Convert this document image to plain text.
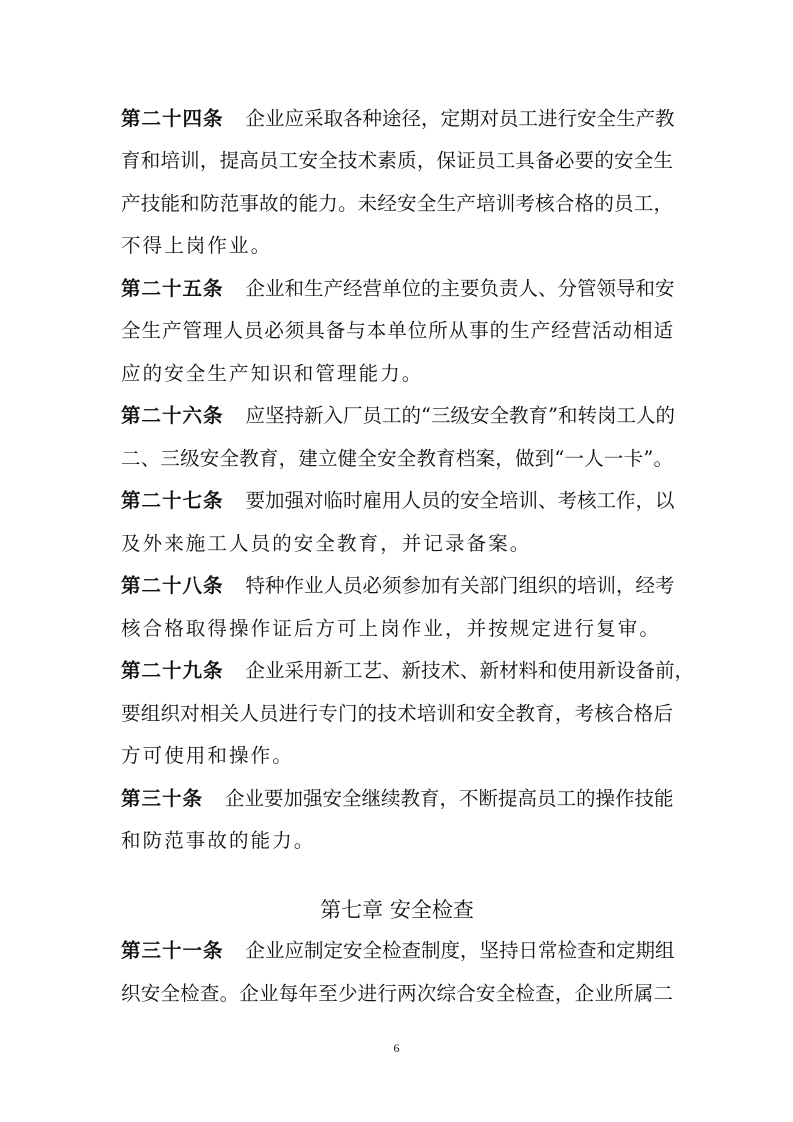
第二十四条 企业应采取各种途径，定期对员工进行安全生产教
育和培训，提高员工安全技术素质，保证员工具备必要的安全生
产技能和防范事故的能力。未经安全生产培训考核合格的员工，
不得上岗作业。
第二十五条 企业和生产经营单位的主要负责人、分管领导和安
全生产管理人员必须具备与本单位所从事的生产经营活动相适
应的安全生产知识和管理能力。
第二十六条 应坚持新入厂员工的“三级安全教育”和转岗工人的
二、三级安全教育，建立健全安全教育档案，做到“一人一卡”。
第二十七条 要加强对临时雇用人员的安全培训、考核工作，以
及外来施工人员的安全教育，并记录备案。
第二十八条 特种作业人员必须参加有关部门组织的培训，经考
核合格取得操作证后方可上岗作业，并按规定进行复审。
第二十九条 企业采用新工艺、新技术、新材料和使用新设备前，
要组织对相关人员进行专门的技术培训和安全教育，考核合格后
方可使用和操作。
第三十条 企业要加强安全继续教育，不断提高员工的操作技能
和防范事故的能力。
第七章 安全检查
第三十一条 企业应制定安全检查制度，坚持日常检查和定期组
织安全检查。企业每年至少进行两次综合安全检查，企业所属二
6
